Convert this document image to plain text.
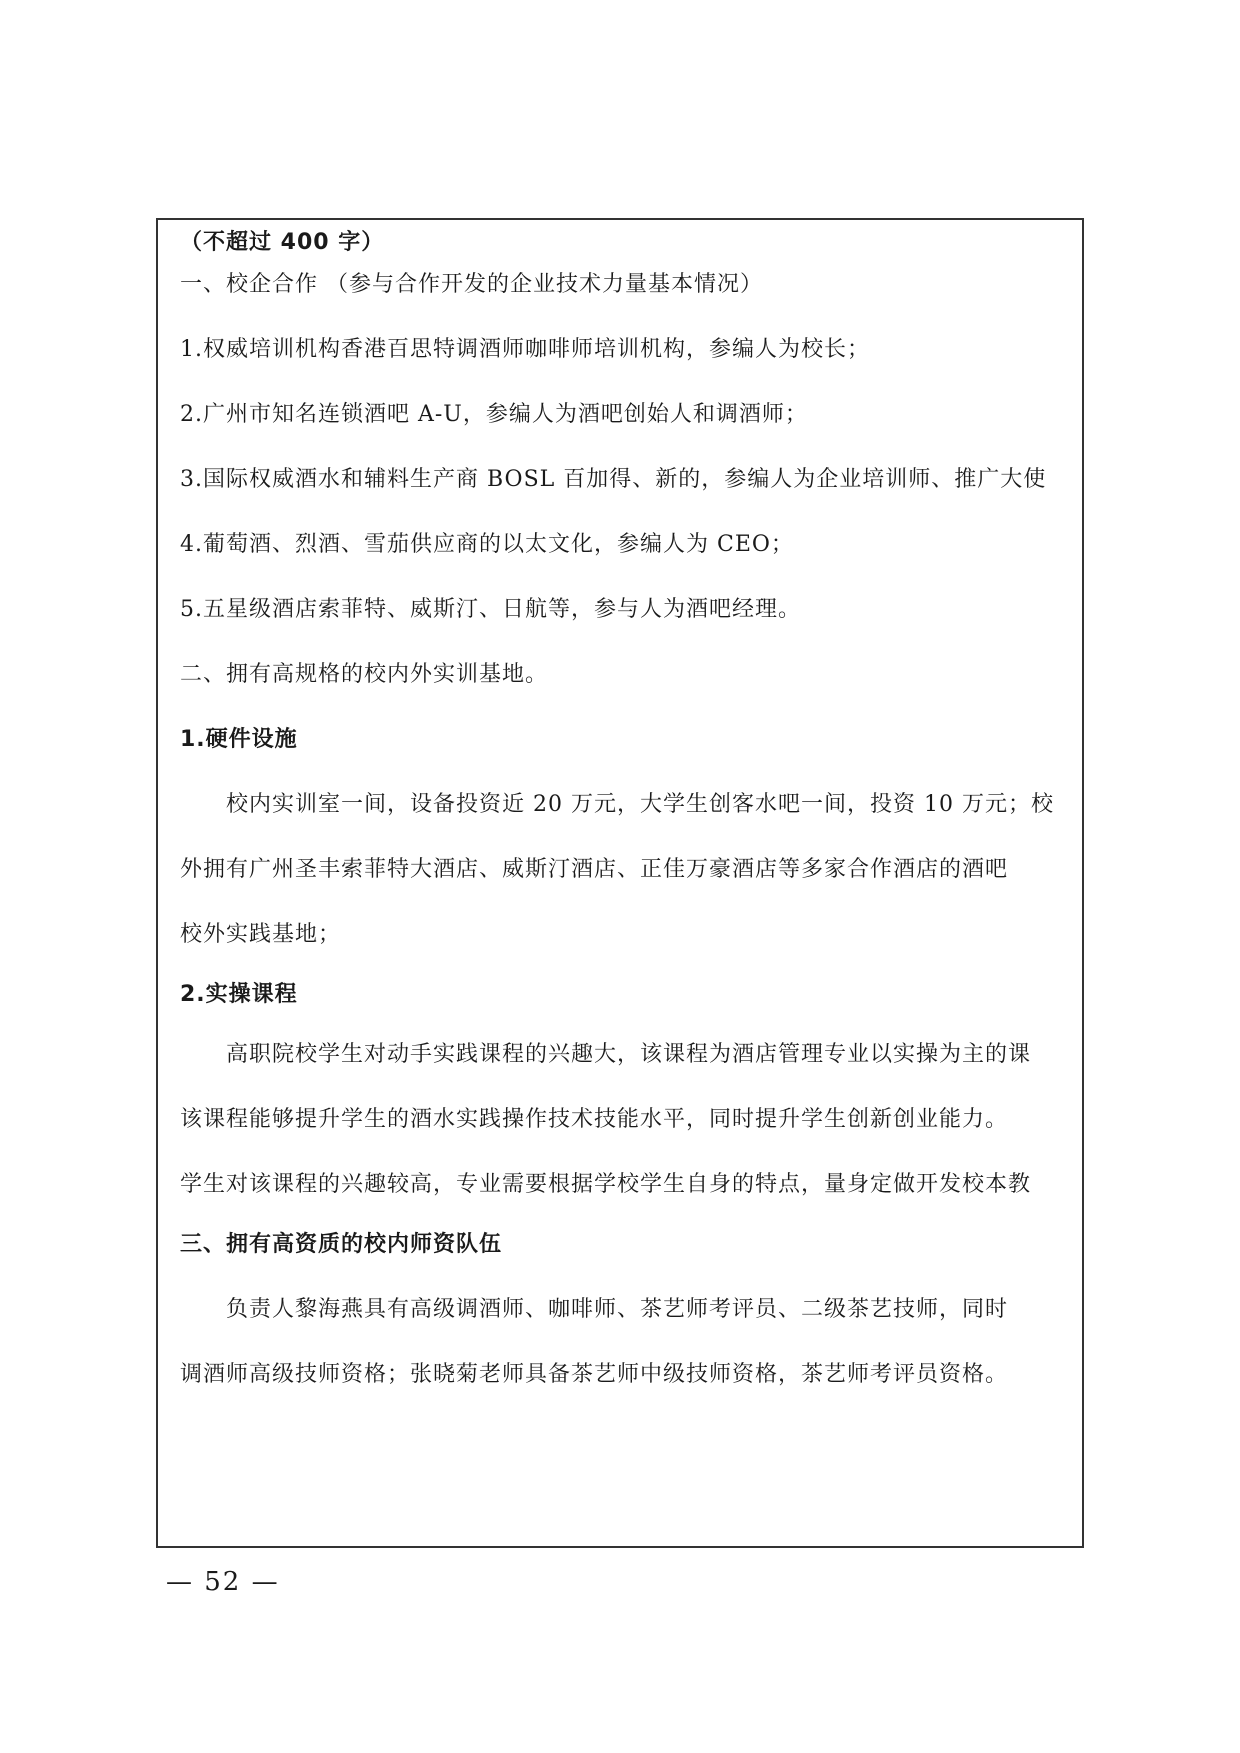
（不超过 400 字）
一、校企合作 （参与合作开发的企业技术力量基本情况）
1.权威培训机构香港百思特调酒师咖啡师培训机构，参编人为校长；
2.广州市知名连锁酒吧 A-U，参编人为酒吧创始人和调酒师；
3.国际权威酒水和辅料生产商 BOSL 百加得、新的，参编人为企业培训师、推广大使
4.葡萄酒、烈酒、雪茄供应商的以太文化，参编人为 CEO；
5.五星级酒店索菲特、威斯汀、日航等，参与人为酒吧经理。
二、拥有高规格的校内外实训基地。
1.硬件设施
　　校内实训室一间，设备投资近 20 万元，大学生创客水吧一间，投资 10 万元；校
外拥有广州圣丰索菲特大酒店、威斯汀酒店、正佳万豪酒店等多家合作酒店的酒吧
校外实践基地；
2.实操课程
　　高职院校学生对动手实践课程的兴趣大，该课程为酒店管理专业以实操为主的课
该课程能够提升学生的酒水实践操作技术技能水平，同时提升学生创新创业能力。
学生对该课程的兴趣较高，专业需要根据学校学生自身的特点，量身定做开发校本教
三、拥有高资质的校内师资队伍
　　负责人黎海燕具有高级调酒师、咖啡师、茶艺师考评员、二级茶艺技师，同时
调酒师高级技师资格；张晓菊老师具备茶艺师中级技师资格，茶艺师考评员资格。
— 52 —
